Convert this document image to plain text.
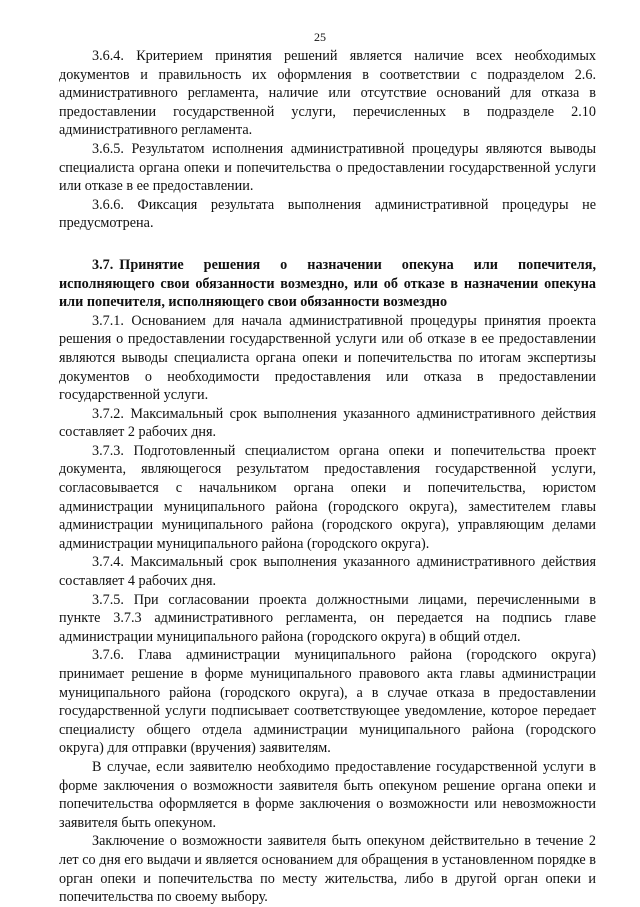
25

3.6.4. Критерием принятия решений является наличие всех необходимых документов и правильность их оформления в соответствии с подразделом 2.6. административного регламента, наличие или отсутствие оснований для отказа в предоставлении государственной услуги, перечисленных в подразделе 2.10 административного регламента.

3.6.5. Результатом исполнения административной процедуры являются выводы специалиста органа опеки и попечительства о предоставлении государственной услуги или отказе в ее предоставлении.

3.6.6. Фиксация результата выполнения административной процедуры не предусмотрена.

3.7. Принятие решения о назначении опекуна или попечителя, исполняющего свои обязанности возмездно, или об отказе в назначении опекуна или попечителя, исполняющего свои обязанности возмездно

3.7.1. Основанием для начала административной процедуры принятия проекта решения о предоставлении государственной услуги или об отказе в ее предоставлении являются выводы специалиста органа опеки и попечительства по итогам экспертизы документов о необходимости предоставления или отказа в предоставлении государственной услуги.

3.7.2. Максимальный срок выполнения указанного административного действия составляет 2 рабочих дня.

3.7.3. Подготовленный специалистом органа опеки и попечительства проект документа, являющегося результатом предоставления государственной услуги, согласовывается с начальником органа опеки и попечительства, юристом администрации муниципального района (городского округа), заместителем главы администрации муниципального района (городского округа), управляющим делами администрации муниципального района (городского округа).

3.7.4. Максимальный срок выполнения указанного административного действия составляет 4 рабочих дня.

3.7.5. При согласовании проекта должностными лицами, перечисленными в пункте 3.7.3 административного регламента, он передается на подпись главе администрации муниципального района (городского округа) в общий отдел.

3.7.6. Глава администрации муниципального района (городского округа) принимает решение в форме муниципального правового акта главы администрации муниципального района (городского округа), а в случае отказа в предоставлении государственной услуги подписывает соответствующее уведомление, которое передает специалисту общего отдела администрации муниципального района (городского округа) для отправки (вручения) заявителям.

В случае, если заявителю необходимо предоставление государственной услуги в форме заключения о возможности заявителя быть опекуном решение органа опеки и попечительства оформляется в форме заключения о возможности или невозможности заявителя быть опекуном.

Заключение о возможности заявителя быть опекуном действительно в течение 2 лет со дня его выдачи и является основанием для обращения в установленном порядке в орган опеки и попечительства по месту жительства, либо в другой орган опеки и попечительства по своему выбору.
